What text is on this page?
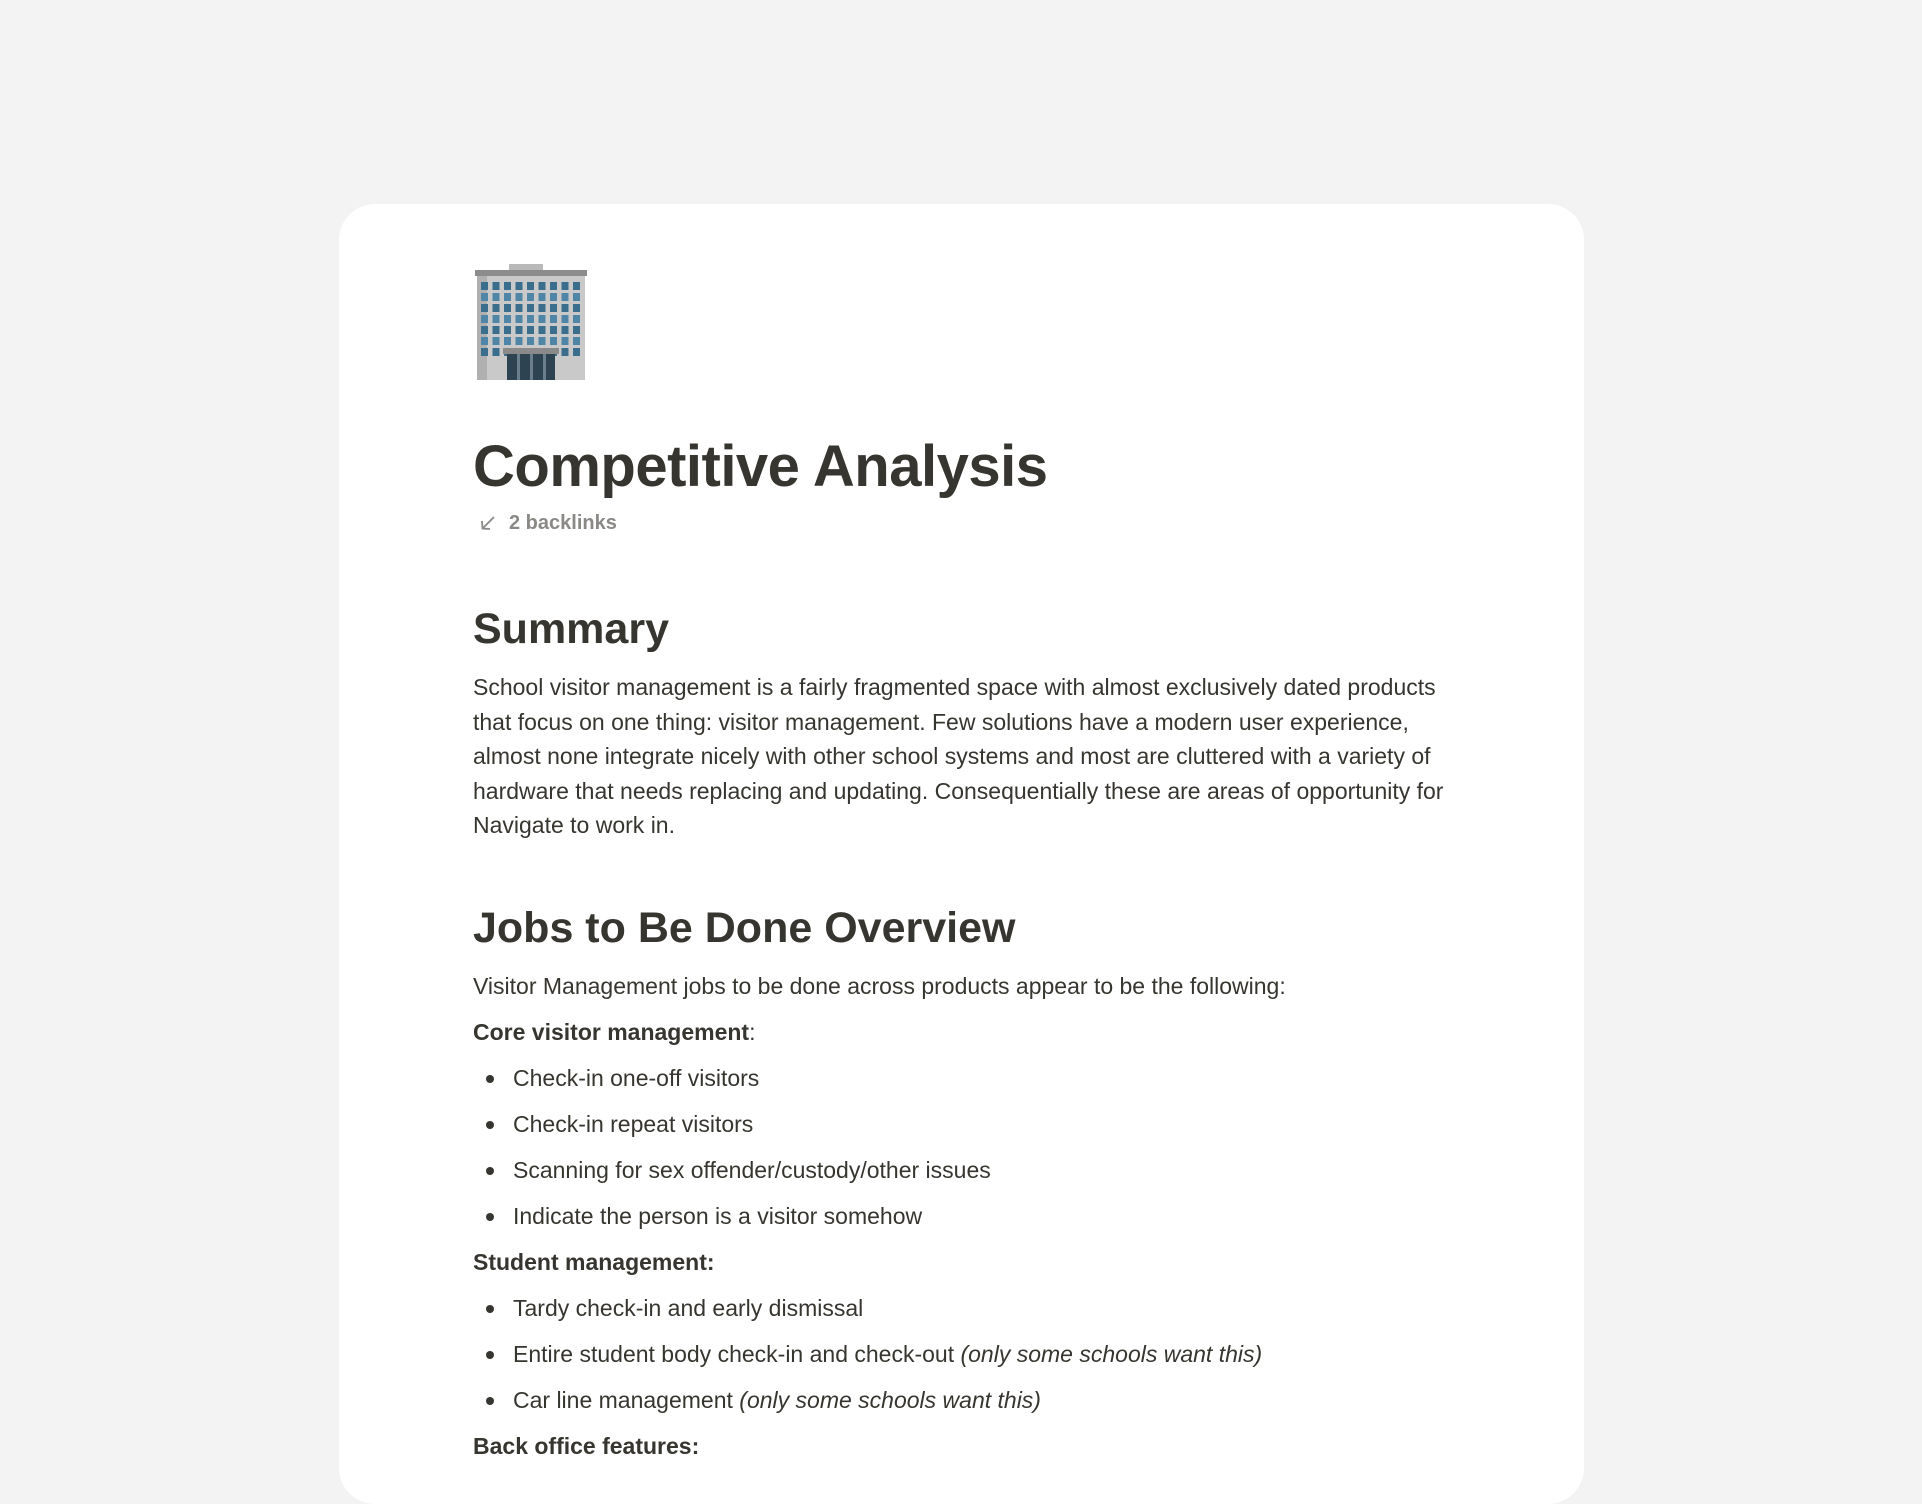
Competitive Analysis
2 backlinks
Summary

School visitor management is a fairly fragmented space with almost exclusively dated products that focus on one thing: visitor management. Few solutions have a modern user experience, almost none integrate nicely with other school systems and most are cluttered with a variety of hardware that needs replacing and updating. Consequentially these are areas of opportunity for Navigate to work in.

Jobs to Be Done Overview

Visitor Management jobs to be done across products appear to be the following:

Core visitor management:
Check-in one-off visitors
Check-in repeat visitors
Scanning for sex offender/custody/other issues
Indicate the person is a visitor somehow
Student management:
Tardy check-in and early dismissal
Entire student body check-in and check-out (only some schools want this)
Car line management (only some schools want this)
Back office features:
